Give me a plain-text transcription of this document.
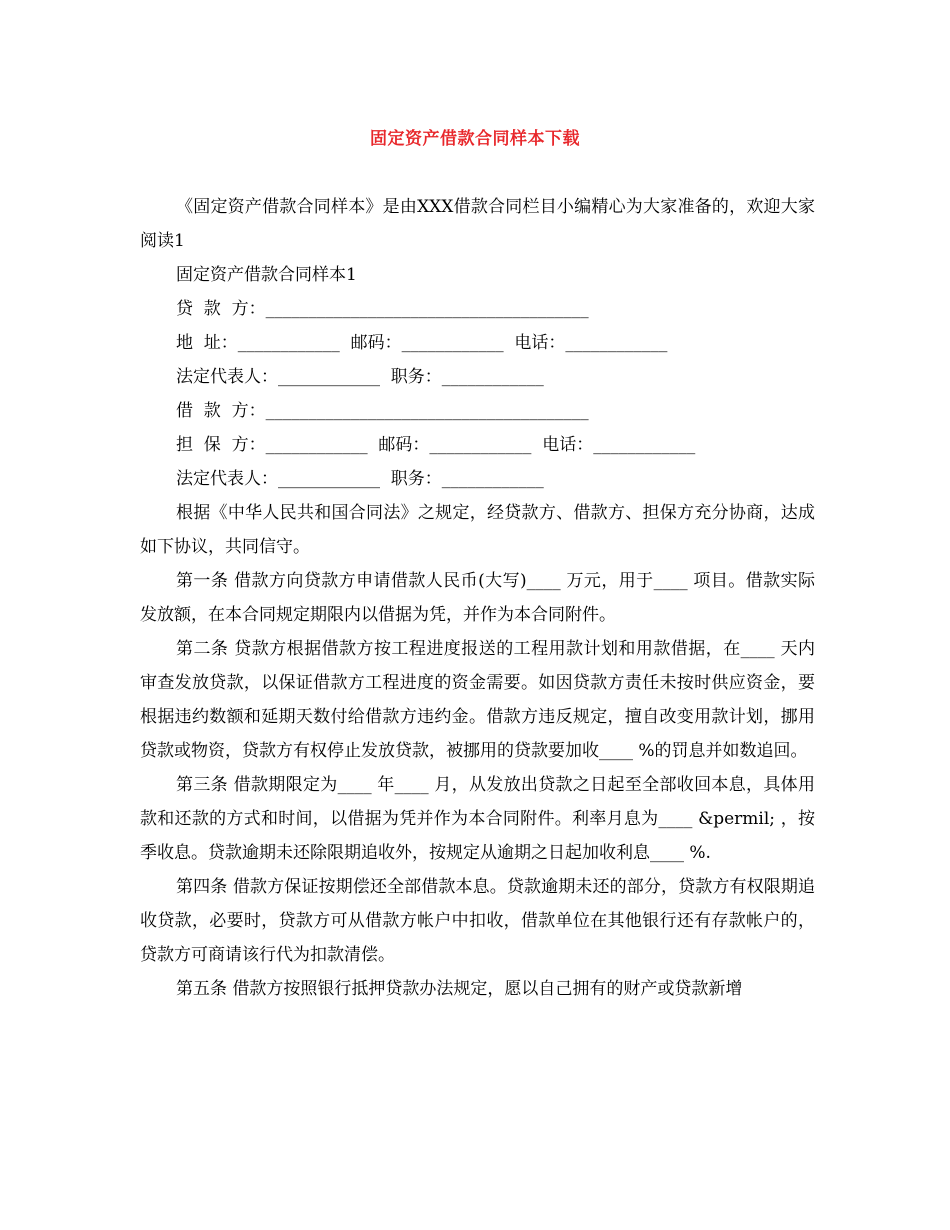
固定资产借款合同样本下载

《固定资产借款合同样本》是由XXX借款合同栏目小编精心为大家准备的，欢迎大家阅读1

固定资产借款合同样本1

贷  款  方：______________________________________

地  址：____________  邮码：____________  电话：____________

法定代表人：____________  职务：____________

借  款  方：______________________________________

担  保  方：____________  邮码：____________  电话：____________

法定代表人：____________  职务：____________

根据《中华人民共和国合同法》之规定，经贷款方、借款方、担保方充分协商，达成如下协议，共同信守。

第一条 借款方向贷款方申请借款人民币(大写)____ 万元，用于____ 项目。借款实际发放额，在本合同规定期限内以借据为凭，并作为本合同附件。

第二条 贷款方根据借款方按工程进度报送的工程用款计划和用款借据，在____ 天内审查发放贷款，以保证借款方工程进度的资金需要。如因贷款方责任未按时供应资金，要根据违约数额和延期天数付给借款方违约金。借款方违反规定，擅自改变用款计划，挪用贷款或物资，贷款方有权停止发放贷款，被挪用的贷款要加收____ %的罚息并如数追回。

第三条 借款期限定为____ 年____ 月，从发放出贷款之日起至全部收回本息，具体用款和还款的方式和时间，以借据为凭并作为本合同附件。利率月息为____ &permil; ，按季收息。贷款逾期未还除限期追收外，按规定从逾期之日起加收利息____ %.

第四条 借款方保证按期偿还全部借款本息。贷款逾期未还的部分，贷款方有权限期追收贷款，必要时，贷款方可从借款方帐户中扣收，借款单位在其他银行还有存款帐户的，贷款方可商请该行代为扣款清偿。

第五条 借款方按照银行抵押贷款办法规定，愿以自己拥有的财产或贷款新增
